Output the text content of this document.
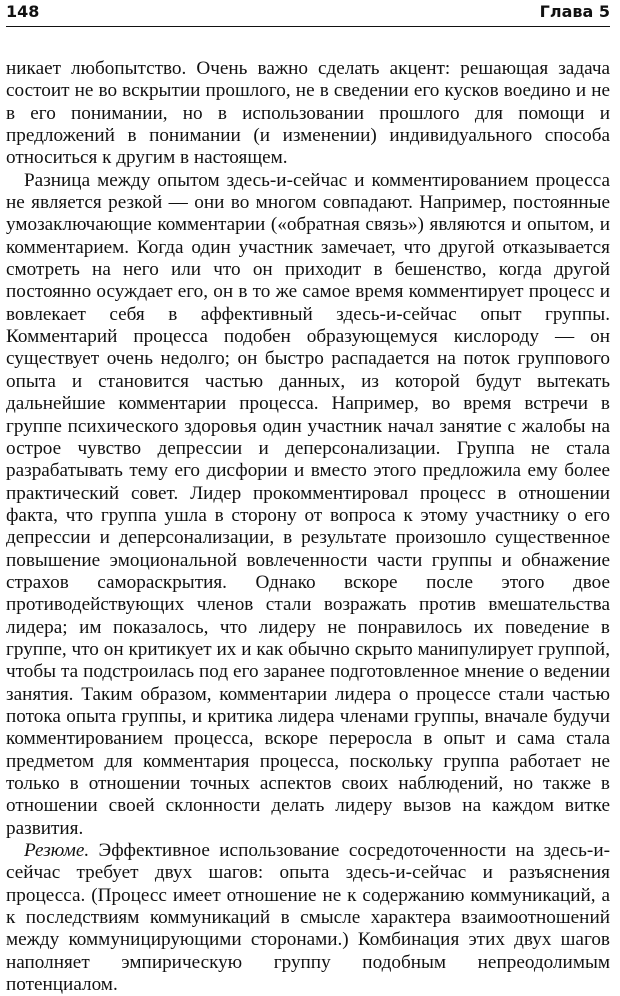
148	Глава 5

никает любопытство. Очень важно сделать акцент: решающая задача состоит не во вскрытии прошлого, не в сведении его кусков воедино и не в его понимании, но в использовании прошлого для помощи и предложений в понимании (и изменении) индивидуального способа относиться к другим в настоящем.

Разница между опытом здесь-и-сейчас и комментированием процесса не является резкой — они во многом совпадают. Например, постоянные умозаключающие комментарии («обратная связь») являются и опытом, и комментарием. Когда один участник замечает, что другой отказывается смотреть на него или что он приходит в бешенство, когда другой постоянно осуждает его, он в то же самое время комментирует процесс и вовлекает себя в аффективный здесь-и-сейчас опыт группы. Комментарий процесса подобен образующемуся кислороду — он существует очень недолго; он быстро распадается на поток группового опыта и становится частью данных, из которой будут вытекать дальнейшие комментарии процесса. Например, во время встречи в группе психического здоровья один участник начал занятие с жалобы на острое чувство депрессии и деперсонализации. Группа не стала разрабатывать тему его дисфории и вместо этого предложила ему более практический совет. Лидер прокомментировал процесс в отношении факта, что группа ушла в сторону от вопроса к этому участнику о его депрессии и деперсонализации, в результате произошло существенное повышение эмоциональной вовлеченности части группы и обнажение страхов самораскрытия. Однако вскоре после этого двое противодействующих членов стали возражать против вмешательства лидера; им показалось, что лидеру не понравилось их поведение в группе, что он критикует их и как обычно скрыто манипулирует группой, чтобы та подстроилась под его заранее подготовленное мнение о ведении занятия. Таким образом, комментарии лидера о процессе стали частью потока опыта группы, и критика лидера членами группы, вначале будучи комментированием процесса, вскоре переросла в опыт и сама стала предметом для комментария процесса, поскольку группа работает не только в отношении точных аспектов своих наблюдений, но также в отношении своей склонности делать лидеру вызов на каждом витке развития.

Резюме. Эффективное использование сосредоточенности на здесь-и-сейчас требует двух шагов: опыта здесь-и-сейчас и разъяснения процесса. (Процесс имеет отношение не к содержанию коммуникаций, а к последствиям коммуникаций в смысле характера взаимоотношений между коммуницирующими сторонами.) Комбинация этих двух шагов наполняет эмпирическую группу подобным непреодолимым потенциалом.
